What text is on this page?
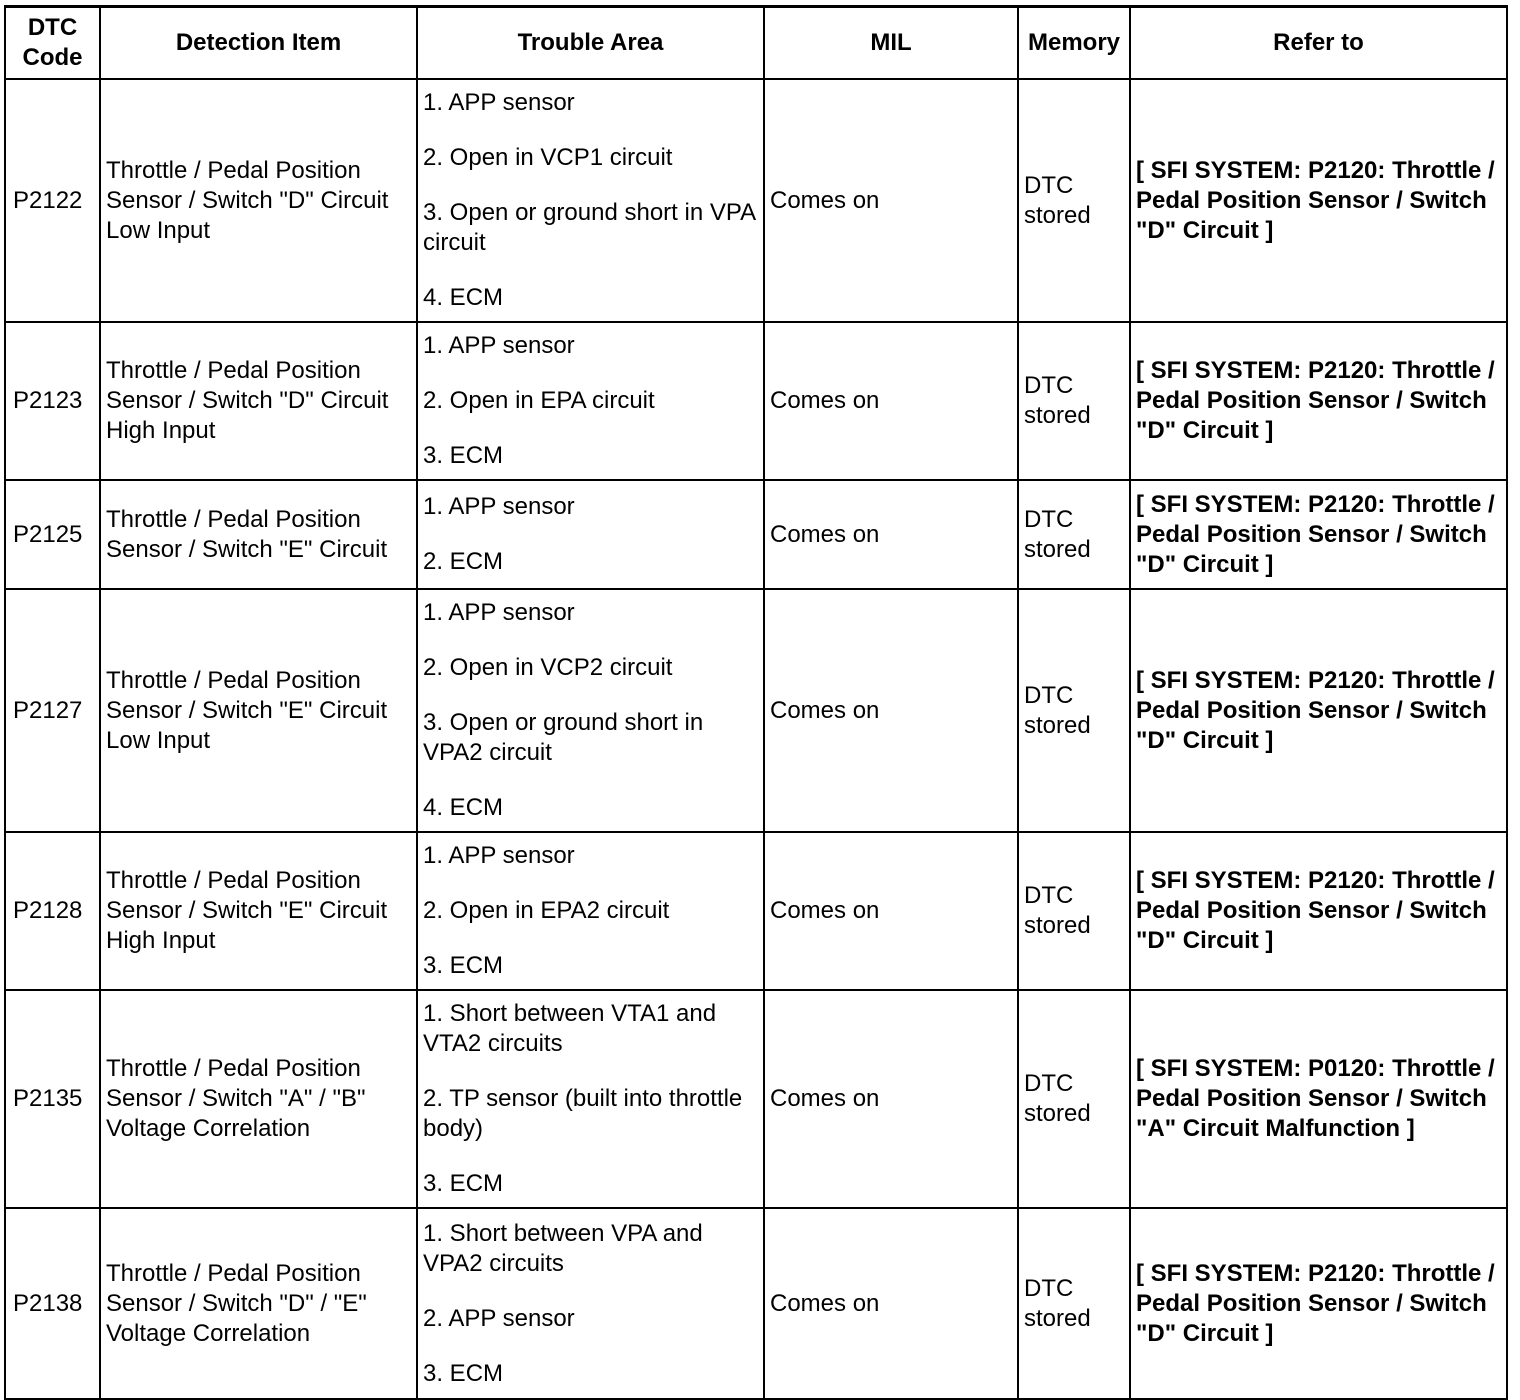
DTC Code	Detection Item	Trouble Area	MIL	Memory	Refer to
P2122	Throttle / Pedal Position Sensor / Switch "D" Circuit Low Input	1. APP sensor
2. Open in VCP1 circuit
3. Open or ground short in VPA circuit
4. ECM	Comes on	DTC stored	[ SFI SYSTEM: P2120: Throttle / Pedal Position Sensor / Switch "D" Circuit ]
P2123	Throttle / Pedal Position Sensor / Switch "D" Circuit High Input	1. APP sensor
2. Open in EPA circuit
3. ECM	Comes on	DTC stored	[ SFI SYSTEM: P2120: Throttle / Pedal Position Sensor / Switch "D" Circuit ]
P2125	Throttle / Pedal Position Sensor / Switch "E" Circuit	1. APP sensor
2. ECM	Comes on	DTC stored	[ SFI SYSTEM: P2120: Throttle / Pedal Position Sensor / Switch "D" Circuit ]
P2127	Throttle / Pedal Position Sensor / Switch "E" Circuit Low Input	1. APP sensor
2. Open in VCP2 circuit
3. Open or ground short in VPA2 circuit
4. ECM	Comes on	DTC stored	[ SFI SYSTEM: P2120: Throttle / Pedal Position Sensor / Switch "D" Circuit ]
P2128	Throttle / Pedal Position Sensor / Switch "E" Circuit High Input	1. APP sensor
2. Open in EPA2 circuit
3. ECM	Comes on	DTC stored	[ SFI SYSTEM: P2120: Throttle / Pedal Position Sensor / Switch "D" Circuit ]
P2135	Throttle / Pedal Position Sensor / Switch "A" / "B" Voltage Correlation	1. Short between VTA1 and VTA2 circuits
2. TP sensor (built into throttle body)
3. ECM	Comes on	DTC stored	[ SFI SYSTEM: P0120: Throttle / Pedal Position Sensor / Switch "A" Circuit Malfunction ]
P2138	Throttle / Pedal Position Sensor / Switch "D" / "E" Voltage Correlation	1. Short between VPA and VPA2 circuits
2. APP sensor
3. ECM	Comes on	DTC stored	[ SFI SYSTEM: P2120: Throttle / Pedal Position Sensor / Switch "D" Circuit ]
